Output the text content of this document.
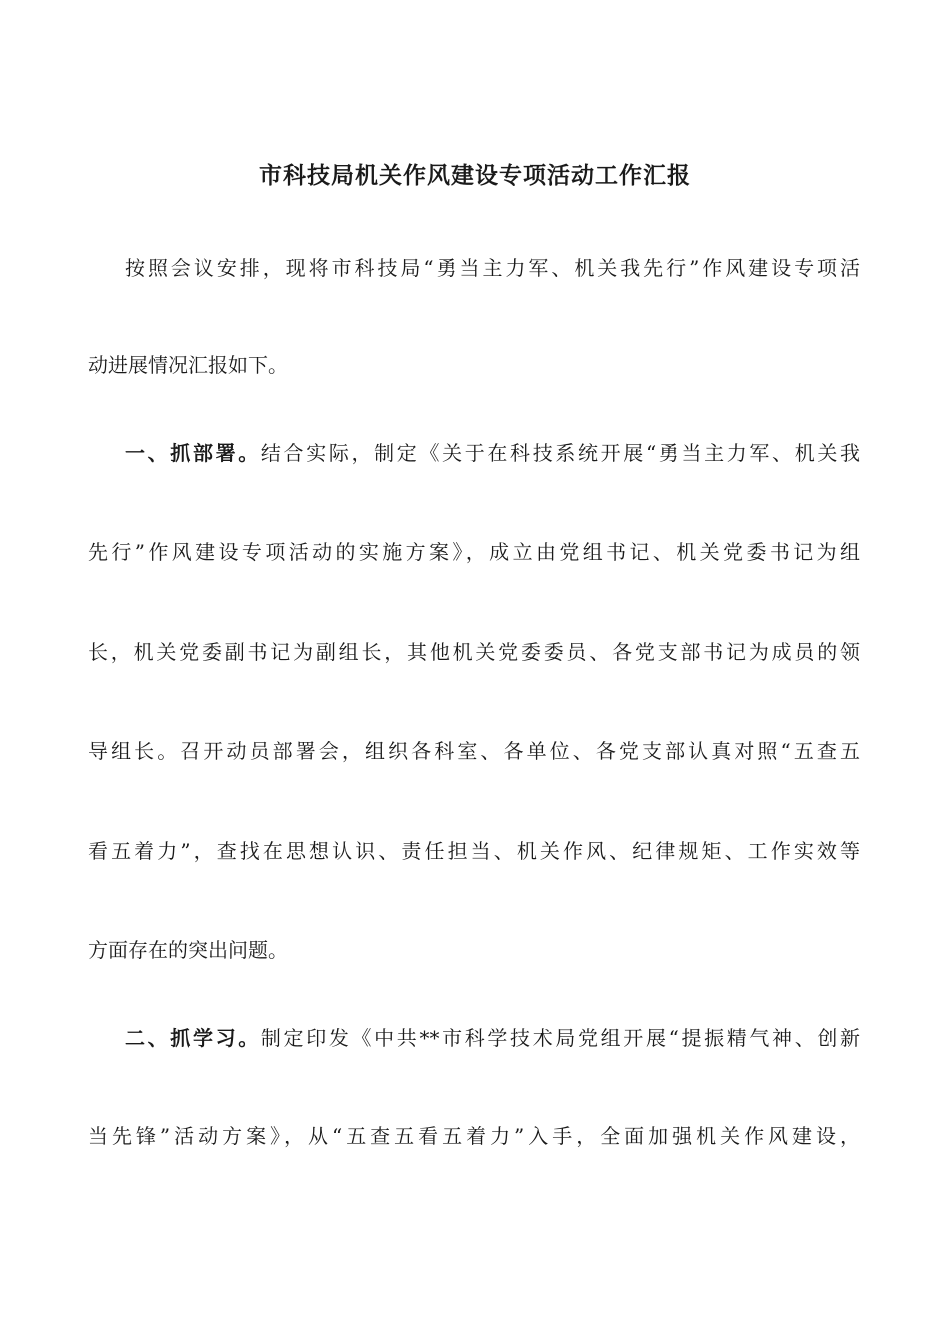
市科技局机关作风建设专项活动工作汇报
按照会议安排，现将市科技局“勇当主力军、机关我先行”作风建设专项活
动进展情况汇报如下。
一、抓部署。结合实际，制定《关于在科技系统开展“勇当主力军、机关我
先行”作风建设专项活动的实施方案》，成立由党组书记、机关党委书记为组
长，机关党委副书记为副组长，其他机关党委委员、各党支部书记为成员的领
导组长。召开动员部署会，组织各科室、各单位、各党支部认真对照“五查五
看五着力”，查找在思想认识、责任担当、机关作风、纪律规矩、工作实效等
方面存在的突出问题。
二、抓学习。制定印发《中共**市科学技术局党组开展“提振精气神、创新
当先锋”活动方案》，从“五查五看五着力”入手，全面加强机关作风建设，
